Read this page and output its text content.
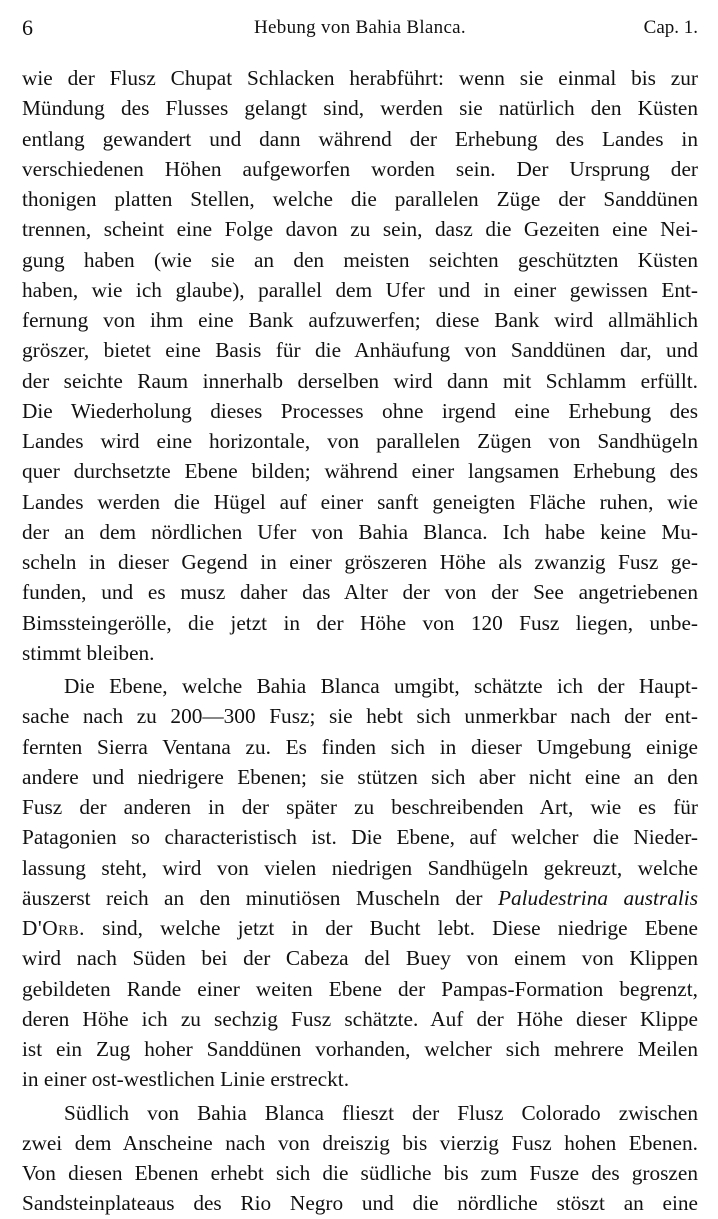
6	Hebung von Bahia Blanca.	Cap. 1.
wie der Flusz Chupat Schlacken herabführt: wenn sie einmal bis zur
Mündung des Flusses gelangt sind, werden sie natürlich den Küsten
entlang gewandert und dann während der Erhebung des Landes in
verschiedenen Höhen aufgeworfen worden sein. Der Ursprung der
thonigen platten Stellen, welche die parallelen Züge der Sanddünen
trennen, scheint eine Folge davon zu sein, dasz die Gezeiten eine Nei-
gung haben (wie sie an den meisten seichten geschützten Küsten
haben, wie ich glaube), parallel dem Ufer und in einer gewissen Ent-
fernung von ihm eine Bank aufzuwerfen; diese Bank wird allmählich
gröszer, bietet eine Basis für die Anhäufung von Sanddünen dar, und
der seichte Raum innerhalb derselben wird dann mit Schlamm erfüllt.
Die Wiederholung dieses Processes ohne irgend eine Erhebung des
Landes wird eine horizontale, von parallelen Zügen von Sandhügeln
quer durchsetzte Ebene bilden; während einer langsamen Erhebung des
Landes werden die Hügel auf einer sanft geneigten Fläche ruhen, wie
der an dem nördlichen Ufer von Bahia Blanca. Ich habe keine Mu-
scheln in dieser Gegend in einer gröszeren Höhe als zwanzig Fusz ge-
funden, und es musz daher das Alter der von der See angetriebenen
Bimssteingerölle, die jetzt in der Höhe von 120 Fusz liegen, unbe-
stimmt bleiben.
Die Ebene, welche Bahia Blanca umgibt, schätzte ich der Haupt-
sache nach zu 200—300 Fusz; sie hebt sich unmerkbar nach der ent-
fernten Sierra Ventana zu. Es finden sich in dieser Umgebung einige
andere und niedrigere Ebenen; sie stützen sich aber nicht eine an den
Fusz der anderen in der später zu beschreibenden Art, wie es für
Patagonien so characteristisch ist. Die Ebene, auf welcher die Nieder-
lassung steht, wird von vielen niedrigen Sandhügeln gekreuzt, welche
äuszerst reich an den minutiösen Muscheln der Paludestrina australis
D'Orb. sind, welche jetzt in der Bucht lebt. Diese niedrige Ebene
wird nach Süden bei der Cabeza del Buey von einem von Klippen
gebildeten Rande einer weiten Ebene der Pampas-Formation begrenzt,
deren Höhe ich zu sechzig Fusz schätzte. Auf der Höhe dieser Klippe
ist ein Zug hoher Sanddünen vorhanden, welcher sich mehrere Meilen
in einer ost-westlichen Linie erstreckt.
Südlich von Bahia Blanca flieszt der Flusz Colorado zwischen
zwei dem Anscheine nach von dreiszig bis vierzig Fusz hohen Ebenen.
Von diesen Ebenen erhebt sich die südliche bis zum Fusze des groszen
Sandsteinplateaus des Rio Negro und die nördliche stöszt an eine
